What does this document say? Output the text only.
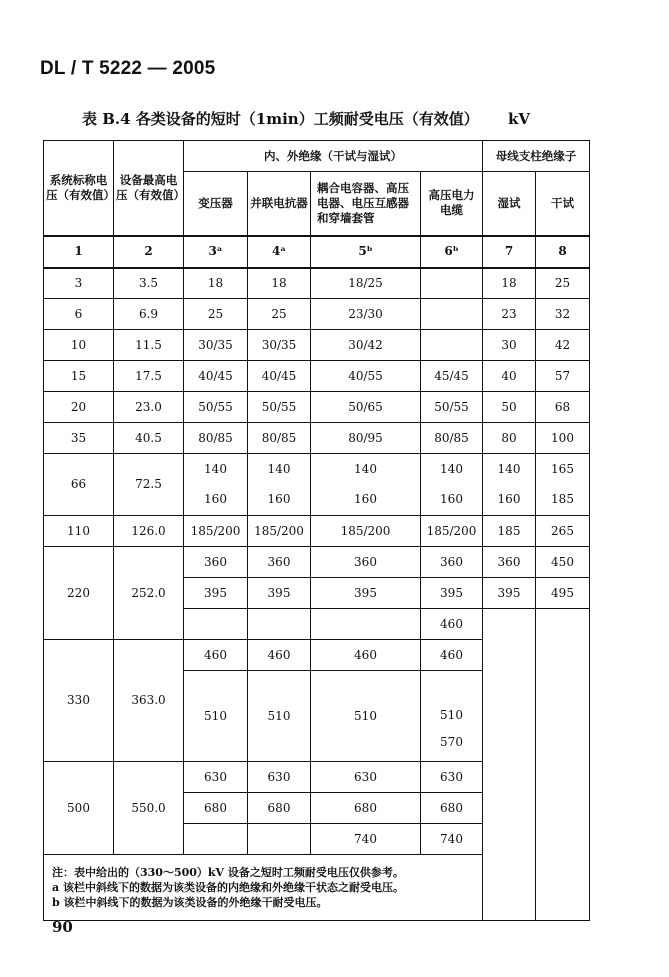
DL / T 5222 — 2005
表 B.4 各类设备的短时（1min）工频耐受电压（有效值） kV
系统标称电压（有效值）	设备最高电压（有效值）	内、外绝缘（干试与湿试）				母线支柱绝缘子	
		变压器	并联电抗器	耦合电容器、高压电器、电压互感器和穿墙套管	高压电力电缆	湿试	干试
1	2	3ᵃ	4ᵃ	5ᵇ	6ᵇ	7	8
3	3.5	18	18	18/25		18	25
6	6.9	25	25	23/30		23	32
10	11.5	30/35	30/35	30/42		30	42
15	17.5	40/45	40/45	40/55	45/45	40	57
20	23.0	50/55	50/55	50/65	50/55	50	68
35	40.5	80/85	80/85	80/95	80/85	80	100
66	72.5	140	140	140	140	140	165
		160	160	160	160	160	185
110	126.0	185/200	185/200	185/200	185/200	185	265
220	252.0	360	360	360	360	360	450
		395	395	395	395	395	495
					460		
330	363.0	460	460	460	460		
		510	510	510			
					510		
					570		
500	550.0	630	630	630	630		
		680	680	680	680		
				740	740		

注：表中给出的（330～500）kV 设备之短时工频耐受电压仅供参考。
a 该栏中斜线下的数据为该类设备的内绝缘和外绝缘干状态之耐受电压。
b 该栏中斜线下的数据为该类设备的外绝缘干耐受电压。							
90
